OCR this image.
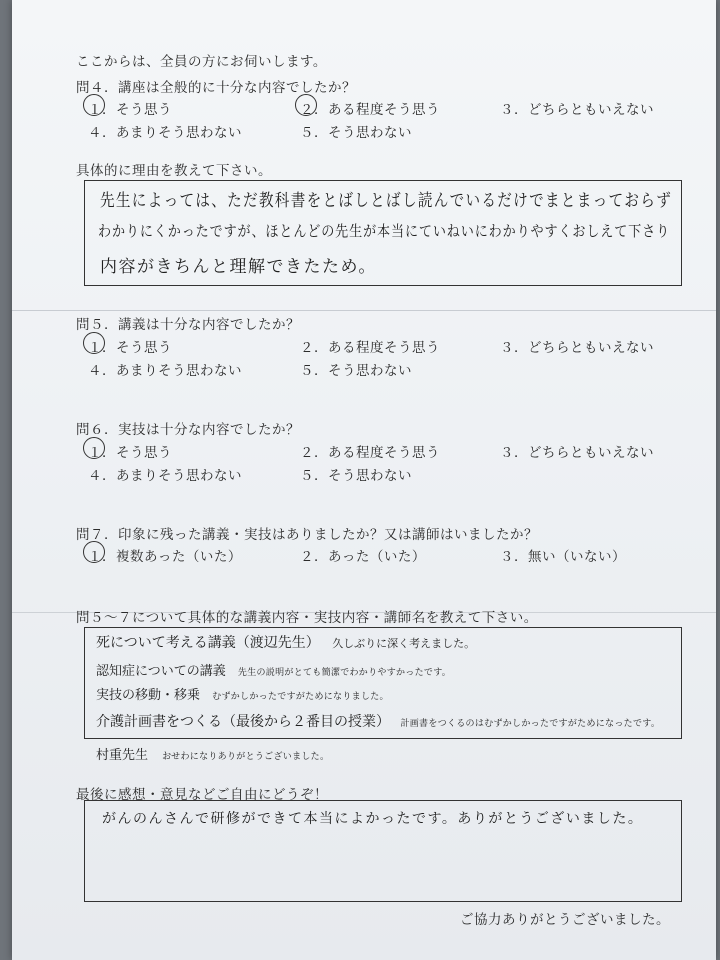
ここからは、全員の方にお伺いします。
問４．講座は全般的に十分な内容でしたか？
１．そう思う	２．ある程度そう思う	３．どちらともいえない
４．あまりそう思わない	５．そう思わない
具体的に理由を教えて下さい。
先生によっては、ただ教科書をとばしとばし読んでいるだけでまとまっておらず
わかりにくかったですが、ほとんどの先生が本当にていねいにわかりやすくおしえて下さり
内容がきちんと理解できたため。
問５．講義は十分な内容でしたか？
１．そう思う	２．ある程度そう思う	３．どちらともいえない
４．あまりそう思わない	５．そう思わない
問６．実技は十分な内容でしたか？
１．そう思う	２．ある程度そう思う	３．どちらともいえない
４．あまりそう思わない	５．そう思わない
問７．印象に残った講義・実技はありましたか？又は講師はいましたか？
１．複数あった（いた）	２．あった（いた）	３．無い（いない）
問５～７について具体的な講義内容・実技内容・講師名を教えて下さい。
死について考える講義（渡辺先生） 久しぶりに深く考えました。
認知症についての講義 先生の説明がとても簡潔でわかりやすかったです。
実技の移動・移乗 むずかしかったですがためになりました。
介護計画書をつくる（最後から２番目の授業） 計画書をつくるのはむずかしかったですがためになったです。
村重先生 おせわになりありがとうございました。
最後に感想・意見などご自由にどうぞ！
がんのんさんで研修ができて本当によかったです。ありがとうございました。
ご協力ありがとうございました。
